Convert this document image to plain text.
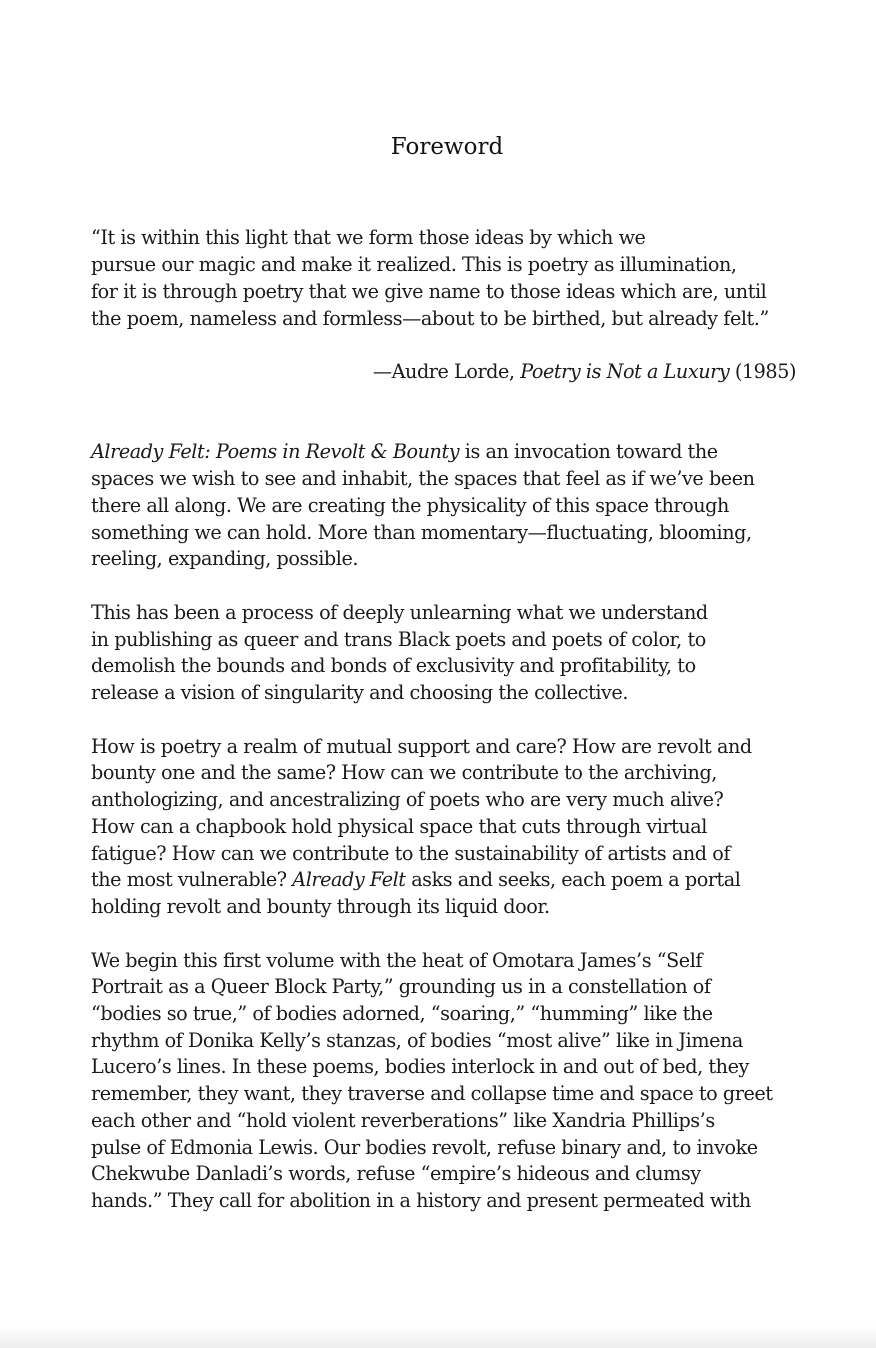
Foreword

“It is within this light that we form those ideas by which we

pursue our magic and make it realized. This is poetry as illumination,

for it is through poetry that we give name to those ideas which are, until

the poem, nameless and formless—about to be birthed, but already felt.”

—Audre Lorde, Poetry is Not a Luxury (1985)

Already Felt: Poems in Revolt & Bounty is an invocation toward the

spaces we wish to see and inhabit, the spaces that feel as if we’ve been

there all along. We are creating the physicality of this space through

something we can hold. More than momentary—fluctuating, blooming,

reeling, expanding, possible.

This has been a process of deeply unlearning what we understand

in publishing as queer and trans Black poets and poets of color, to

demolish the bounds and bonds of exclusivity and profitability, to

release a vision of singularity and choosing the collective.

How is poetry a realm of mutual support and care? How are revolt and

bounty one and the same? How can we contribute to the archiving,

anthologizing, and ancestralizing of poets who are very much alive?

How can a chapbook hold physical space that cuts through virtual

fatigue? How can we contribute to the sustainability of artists and of

the most vulnerable? Already Felt asks and seeks, each poem a portal

holding revolt and bounty through its liquid door.

We begin this first volume with the heat of Omotara James’s “Self

Portrait as a Queer Block Party,” grounding us in a constellation of

“bodies so true,” of bodies adorned, “soaring,” “humming” like the

rhythm of Donika Kelly’s stanzas, of bodies “most alive” like in Jimena

Lucero’s lines. In these poems, bodies interlock in and out of bed, they

remember, they want, they traverse and collapse time and space to greet

each other and “hold violent reverberations” like Xandria Phillips’s

pulse of Edmonia Lewis. Our bodies revolt, refuse binary and, to invoke

Chekwube Danladi’s words, refuse “empire’s hideous and clumsy

hands.” They call for abolition in a history and present permeated with
